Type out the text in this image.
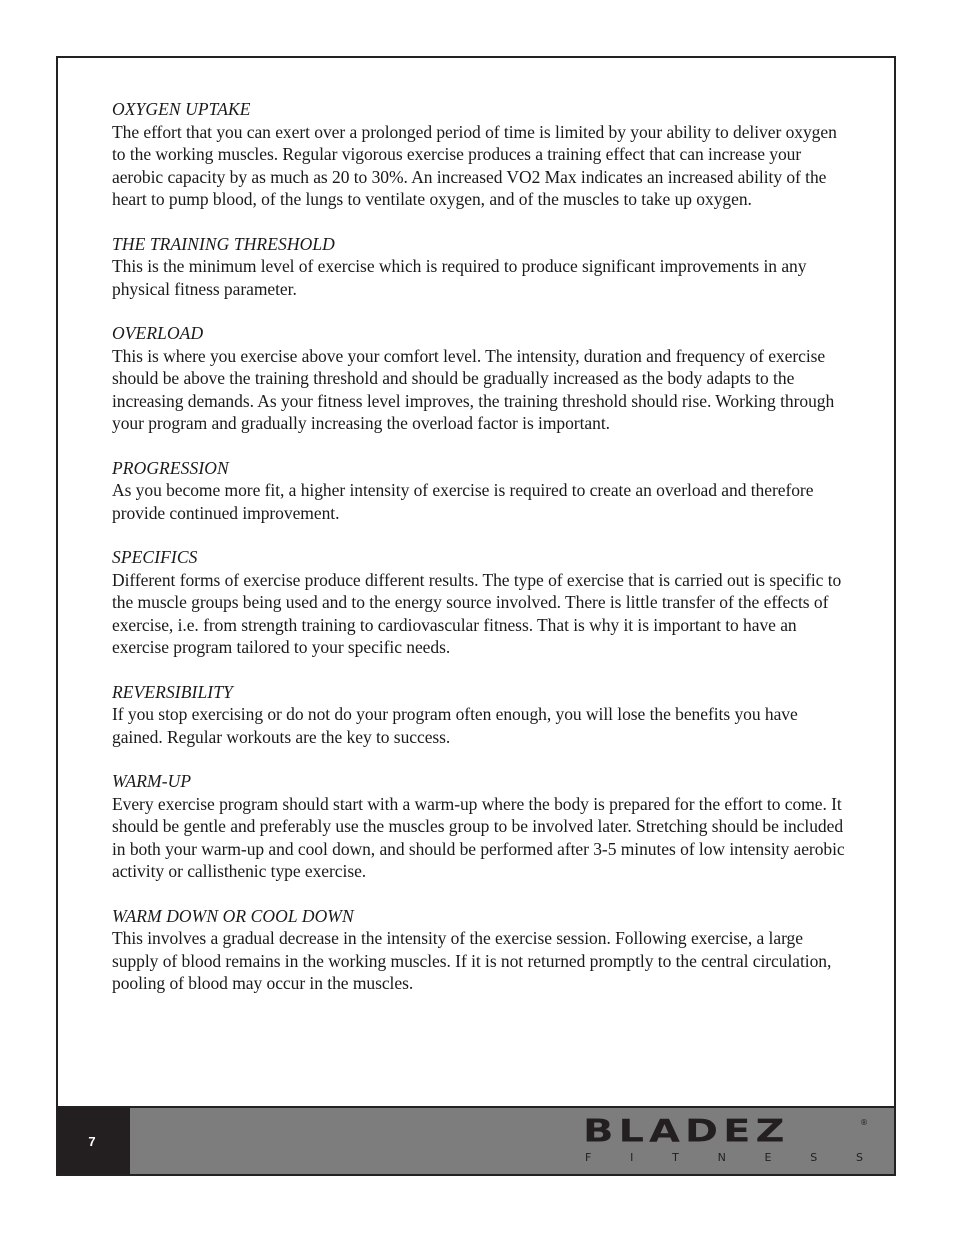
OXYGEN UPTAKE

The effort that you can exert over a prolonged period of time is limited by your ability to deliver oxygen to the working muscles. Regular vigorous exercise produces a training effect that can increase your aerobic capacity by as much as 20 to 30%. An increased VO2 Max indicates an increased ability of the heart to pump blood, of the lungs to ventilate oxygen, and of the muscles to take up oxygen.

THE TRAINING THRESHOLD

This is the minimum level of exercise which is required to produce significant improvements in any physical fitness parameter.

OVERLOAD

This is where you exercise above your comfort level. The intensity, duration and frequency of exercise should be above the training threshold and should be gradually increased as the body adapts to the increasing demands. As your fitness level improves, the training threshold should rise. Working through your program and gradually increasing the overload factor is important.

PROGRESSION

As you become more fit, a higher intensity of exercise is required to create an overload and therefore provide continued improvement.

SPECIFICS

Different forms of exercise produce different results. The type of exercise that is carried out is specific to the muscle groups being used and to the energy source involved. There is little transfer of the effects of exercise, i.e. from strength training to cardiovascular fitness. That is why it is important to have an exercise program tailored to your specific needs.

REVERSIBILITY

If you stop exercising or do not do your program often enough, you will lose the benefits you have gained. Regular workouts are the key to success.

WARM-UP

Every exercise program should start with a warm-up where the body is prepared for the effort to come. It should be gentle and preferably use the muscles group to be involved later. Stretching should be included in both your warm-up and cool down, and should be performed after 3-5 minutes of low intensity aerobic activity or callisthenic type exercise.

WARM DOWN OR COOL DOWN

This involves a gradual decrease in the intensity of the exercise session. Following exercise, a large supply of blood remains in the working muscles. If it is not returned promptly to the central circulation, pooling of blood may occur in the muscles.

7	BLADEZ	®
F	I	T	N	E	S	S
